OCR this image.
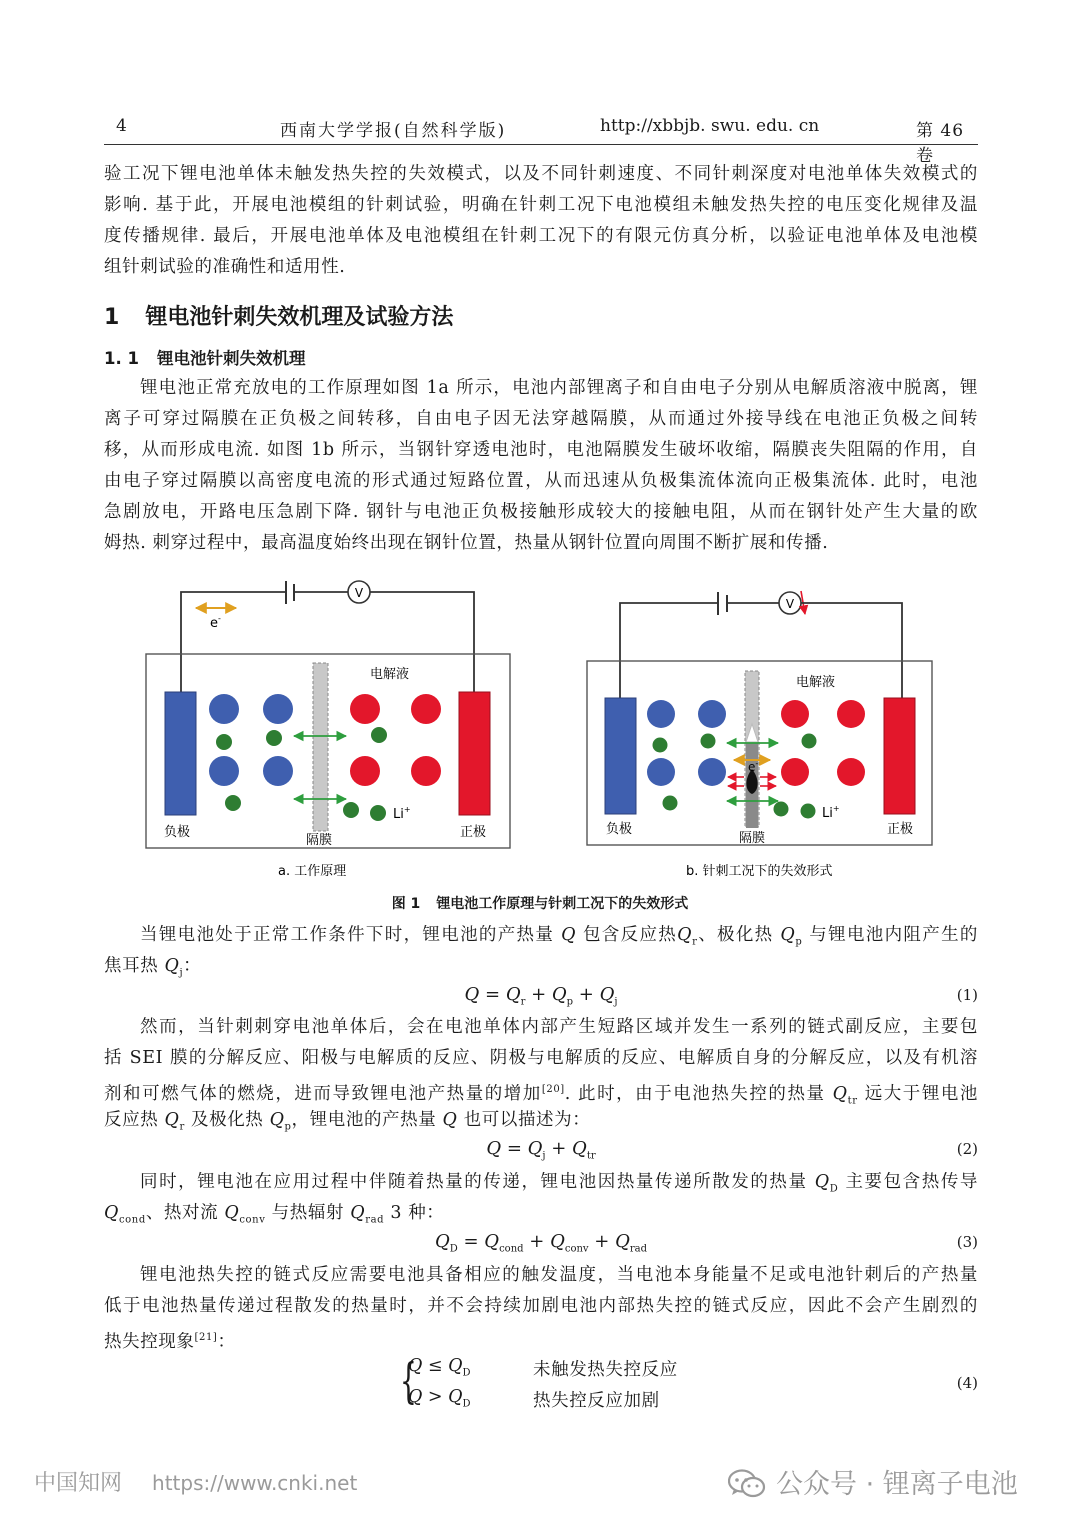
4	西南大学学报(自然科学版)	http://xbbjb. swu. edu. cn	第 46 卷
验工况下锂电池单体未触发热失控的失效模式，以及不同针刺速度、不同针刺深度对电池单体失效模式的
影响. 基于此，开展电池模组的针刺试验，明确在针刺工况下电池模组未触发热失控的电压变化规律及温
度传播规律. 最后，开展电池单体及电池模组在针刺工况下的有限元仿真分析，以验证电池单体及电池模
组针刺试验的准确性和适用性.
1 锂电池针刺失效机理及试验方法
1. 1 锂电池针刺失效机理
锂电池正常充放电的工作原理如图 1a 所示，电池内部锂离子和自由电子分别从电解质溶液中脱离，锂
离子可穿过隔膜在正负极之间转移，自由电子因无法穿越隔膜，从而通过外接导线在电池正负极之间转
移，从而形成电流. 如图 1b 所示，当钢针穿透电池时，电池隔膜发生破坏收缩，隔膜丧失阻隔的作用，自
由电子穿过隔膜以高密度电流的形式通过短路位置，从而迅速从负极集流体流向正极集流体. 此时，电池
急剧放电，开路电压急剧下降. 钢针与电池正负极接触形成较大的接触电阻，从而在钢针处产生大量的欧
姆热. 刺穿过程中，最高温度始终出现在钢针位置，热量从钢针位置向周围不断扩展和传播.
V
e-
电解液
Li+
负极	正极
隔膜
a. 工作原理
V
电解液
e-
Li+
负极	正极
隔膜
b. 针刺工况下的失效形式
图 1 锂电池工作原理与针刺工况下的失效形式
当锂电池处于正常工作条件下时，锂电池的产热量 Q 包含反应热$Q_r$、极化热 $Q_p$ 与锂电池内阻产生的
焦耳热 $Q_j$：
$Q = Q_r + Q_p + Q_j$	(1)
然而，当针刺刺穿电池单体后，会在电池单体内部产生短路区域并发生一系列的链式副反应，主要包
括 SEI 膜的分解反应、阳极与电解质的反应、阴极与电解质的反应、电解质自身的分解反应，以及有机溶
剂和可燃气体的燃烧，进而导致锂电池产热量的增加[20]. 此时，由于电池热失控的热量 $Q_{tr}$ 远大于锂电池
反应热 $Q_r$ 及极化热 $Q_p$，锂电池的产热量 Q 也可以描述为：
$Q = Q_j + Q_{tr}$	(2)
同时，锂电池在应用过程中伴随着热量的传递，锂电池因热量传递所散发的热量 $Q_D$ 主要包含热传导
$Q_{cond}$、热对流 $Q_{conv}$ 与热辐射 $Q_{rad}$ 3 种：
$Q_D = Q_{cond} + Q_{conv} + Q_{rad}$	(3)
锂电池热失控的链式反应需要电池具备相应的触发温度，当电池本身能量不足或电池针刺后的产热量
低于电池热量传递过程散发的热量时，并不会持续加剧电池内部热失控的链式反应，因此不会产生剧烈的
热失控现象[21]：
{
$Q \le Q_D$	未触发热失控反应
$Q > Q_D$	热失控反应加剧
(4)
中国知网 https://www.cnki.net	公众号 · 锂离子电池
